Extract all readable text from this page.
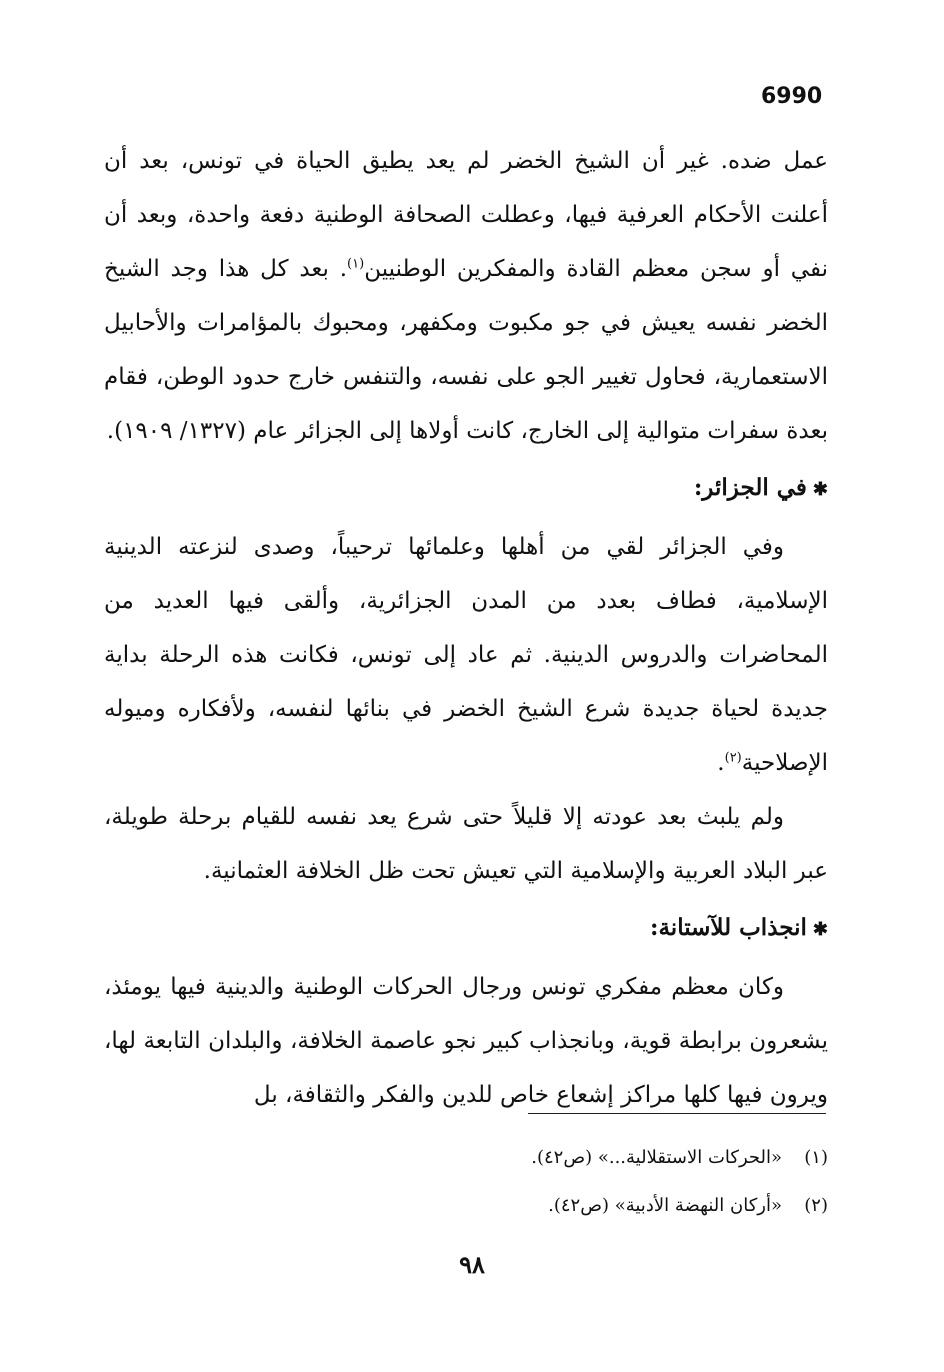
6990

عمل ضده. غير أن الشيخ الخضر لم يعد يطيق الحياة في تونس، بعد أن أعلنت الأحكام العرفية فيها، وعطلت الصحافة الوطنية دفعة واحدة، وبعد أن نفي أو سجن معظم القادة والمفكرين الوطنيين$^{(١)}$. بعد كل هذا وجد الشيخ الخضر نفسه يعيش في جو مكبوت ومكفهر، ومحبوك بالمؤامرات والأحابيل الاستعمارية، فحاول تغيير الجو على نفسه، والتنفس خارج حدود الوطن، فقام بعدة سفرات متوالية إلى الخارج، كانت أولاها إلى الجزائر عام (١٣٢٧/ ١٩٠٩).

✱في الجزائر:

وفي الجزائر لقي من أهلها وعلمائها ترحيباً، وصدى لنزعته الدينية الإسلامية، فطاف بعدد من المدن الجزائرية، وألقى فيها العديد من المحاضرات والدروس الدينية. ثم عاد إلى تونس، فكانت هذه الرحلة بداية جديدة لحياة جديدة شرع الشيخ الخضر في بنائها لنفسه، ولأفكاره وميوله الإصلاحية$^{(٢)}$.

ولم يلبث بعد عودته إلا قليلاً حتى شرع يعد نفسه للقيام برحلة طويلة، عبر البلاد العربية والإسلامية التي تعيش تحت ظل الخلافة العثمانية.

✱انجذاب للآستانة:

وكان معظم مفكري تونس ورجال الحركات الوطنية والدينية فيها يومئذ، يشعرون برابطة قوية، وبانجذاب كبير نجو عاصمة الخلافة، والبلدان التابعة لها، ويرون فيها كلها مراكز إشعاع خاص للدين والفكر والثقافة، بل

(١)«الحركات الاستقلالية...» (ص٤٢).
(٢)«أركان النهضة الأدبية» (ص٤٢).
٩٨
